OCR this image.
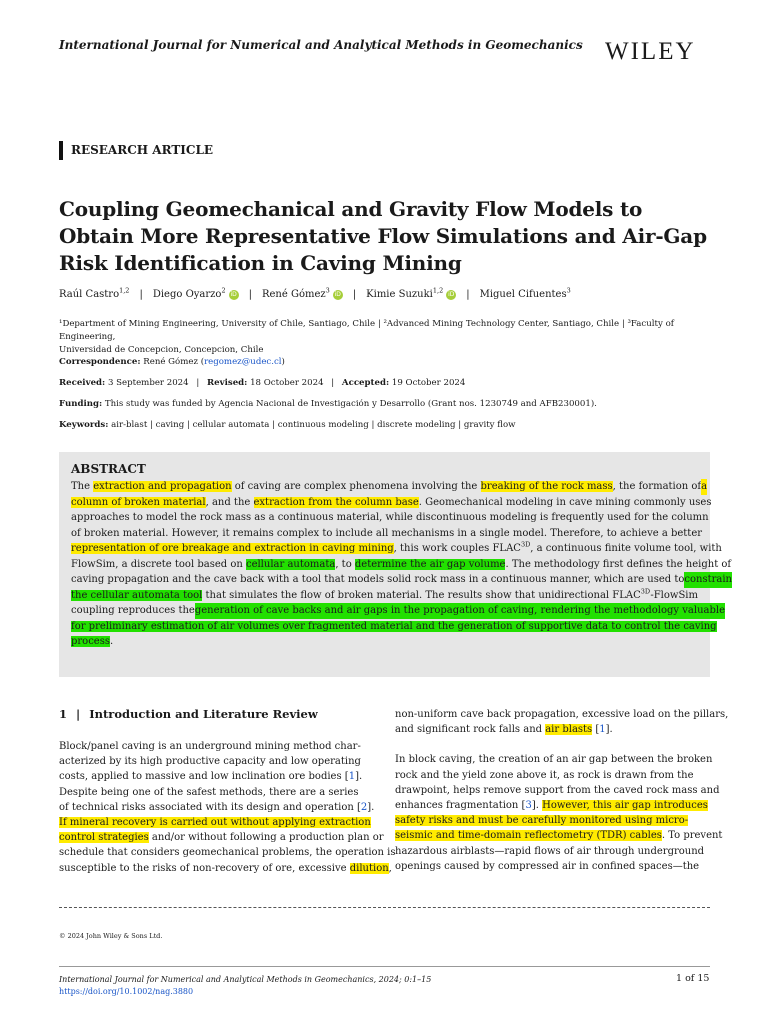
International Journal for Numerical and Analytical Methods in Geomechanics WILEY
RESEARCH ARTICLE
Coupling Geomechanical and Gravity Flow Models to
Obtain More Representative Flow Simulations and Air-Gap
Risk Identification in Caving Mining
Raúl Castro$^{1,2}$ | Diego Oyarzo$^2$ iD | René Gómez$^3$ iD | Kimie Suzuki$^{1,2}$ iD | Miguel Cifuentes$^3$
¹Department of Mining Engineering, University of Chile, Santiago, Chile | ²Advanced Mining Technology Center, Santiago, Chile | ³Faculty of Engineering,
Universidad de Concepcion, Concepcion, Chile
Correspondence: René Gómez (regomez@udec.cl)
Received: 3 September 2024 | Revised: 18 October 2024 | Accepted: 19 October 2024
Funding: This study was funded by Agencia Nacional de Investigación y Desarrollo (Grant nos. 1230749 and AFB230001).
Keywords: air-blast | caving | cellular automata | continuous modeling | discrete modeling | gravity flow
ABSTRACT
The extraction and propagation of caving are complex phenomena involving the breaking of the rock mass, the formation of a
column of broken material, and the extraction from the column base . Geomechanical modeling in cave mining commonly uses
approaches to model the rock mass as a continuous material, while discontinuous modeling is frequently used for the column
of broken material. However, it remains complex to include all mechanisms in a single model. Therefore, to achieve a better
representation of ore breakage and extraction in caving mining, this work couples $FLAC^{3D}$ , a continuous finite volume tool, with
FlowSim, a discrete tool based on cellular automata, to determine the air gap volume . The methodology first defines the height of
caving propagation and the cave back with a tool that models solid rock mass in a continuous manner, which are used to constrain
the cellular automata tool that simulates the flow of broken material. The results show that unidirectional $FLAC^{3D}$ -FlowSim
coupling reproduces the generation of cave backs and air gaps in the propagation of caving, rendering the methodology valuable
for preliminary estimation of air volumes over fragmented material and the generation of supportive data to control the caving
process.
1 | Introduction and Literature Review
Block/panel caving is an underground mining method char-
acterized by its high productive capacity and low operating
costs, applied to massive and low inclination ore bodies [1].
Despite being one of the safest methods, there are a series
of technical risks associated with its design and operation [2].
If mineral recovery is carried out without applying extraction
control strategies and/or without following a production plan or
schedule that considers geomechanical problems, the operation is
susceptible to the risks of non-recovery of ore, excessive dilution,
non-uniform cave back propagation, excessive load on the pillars,
and significant rock falls and air blasts [1].
In block caving, the creation of an air gap between the broken
rock and the yield zone above it, as rock is drawn from the
drawpoint, helps remove support from the caved rock mass and
enhances fragmentation [3]. However, this air gap introduces
safety risks and must be carefully monitored using micro-
seismic and time-domain reflectometry (TDR) cables. To prevent
hazardous airblasts—rapid flows of air through underground
openings caused by compressed air in confined spaces—the
© 2024 John Wiley & Sons Ltd.
International Journal for Numerical and Analytical Methods in Geomechanics, 2024; 0:1–15
https://doi.org/10.1002/nag.3880
1 of 15
